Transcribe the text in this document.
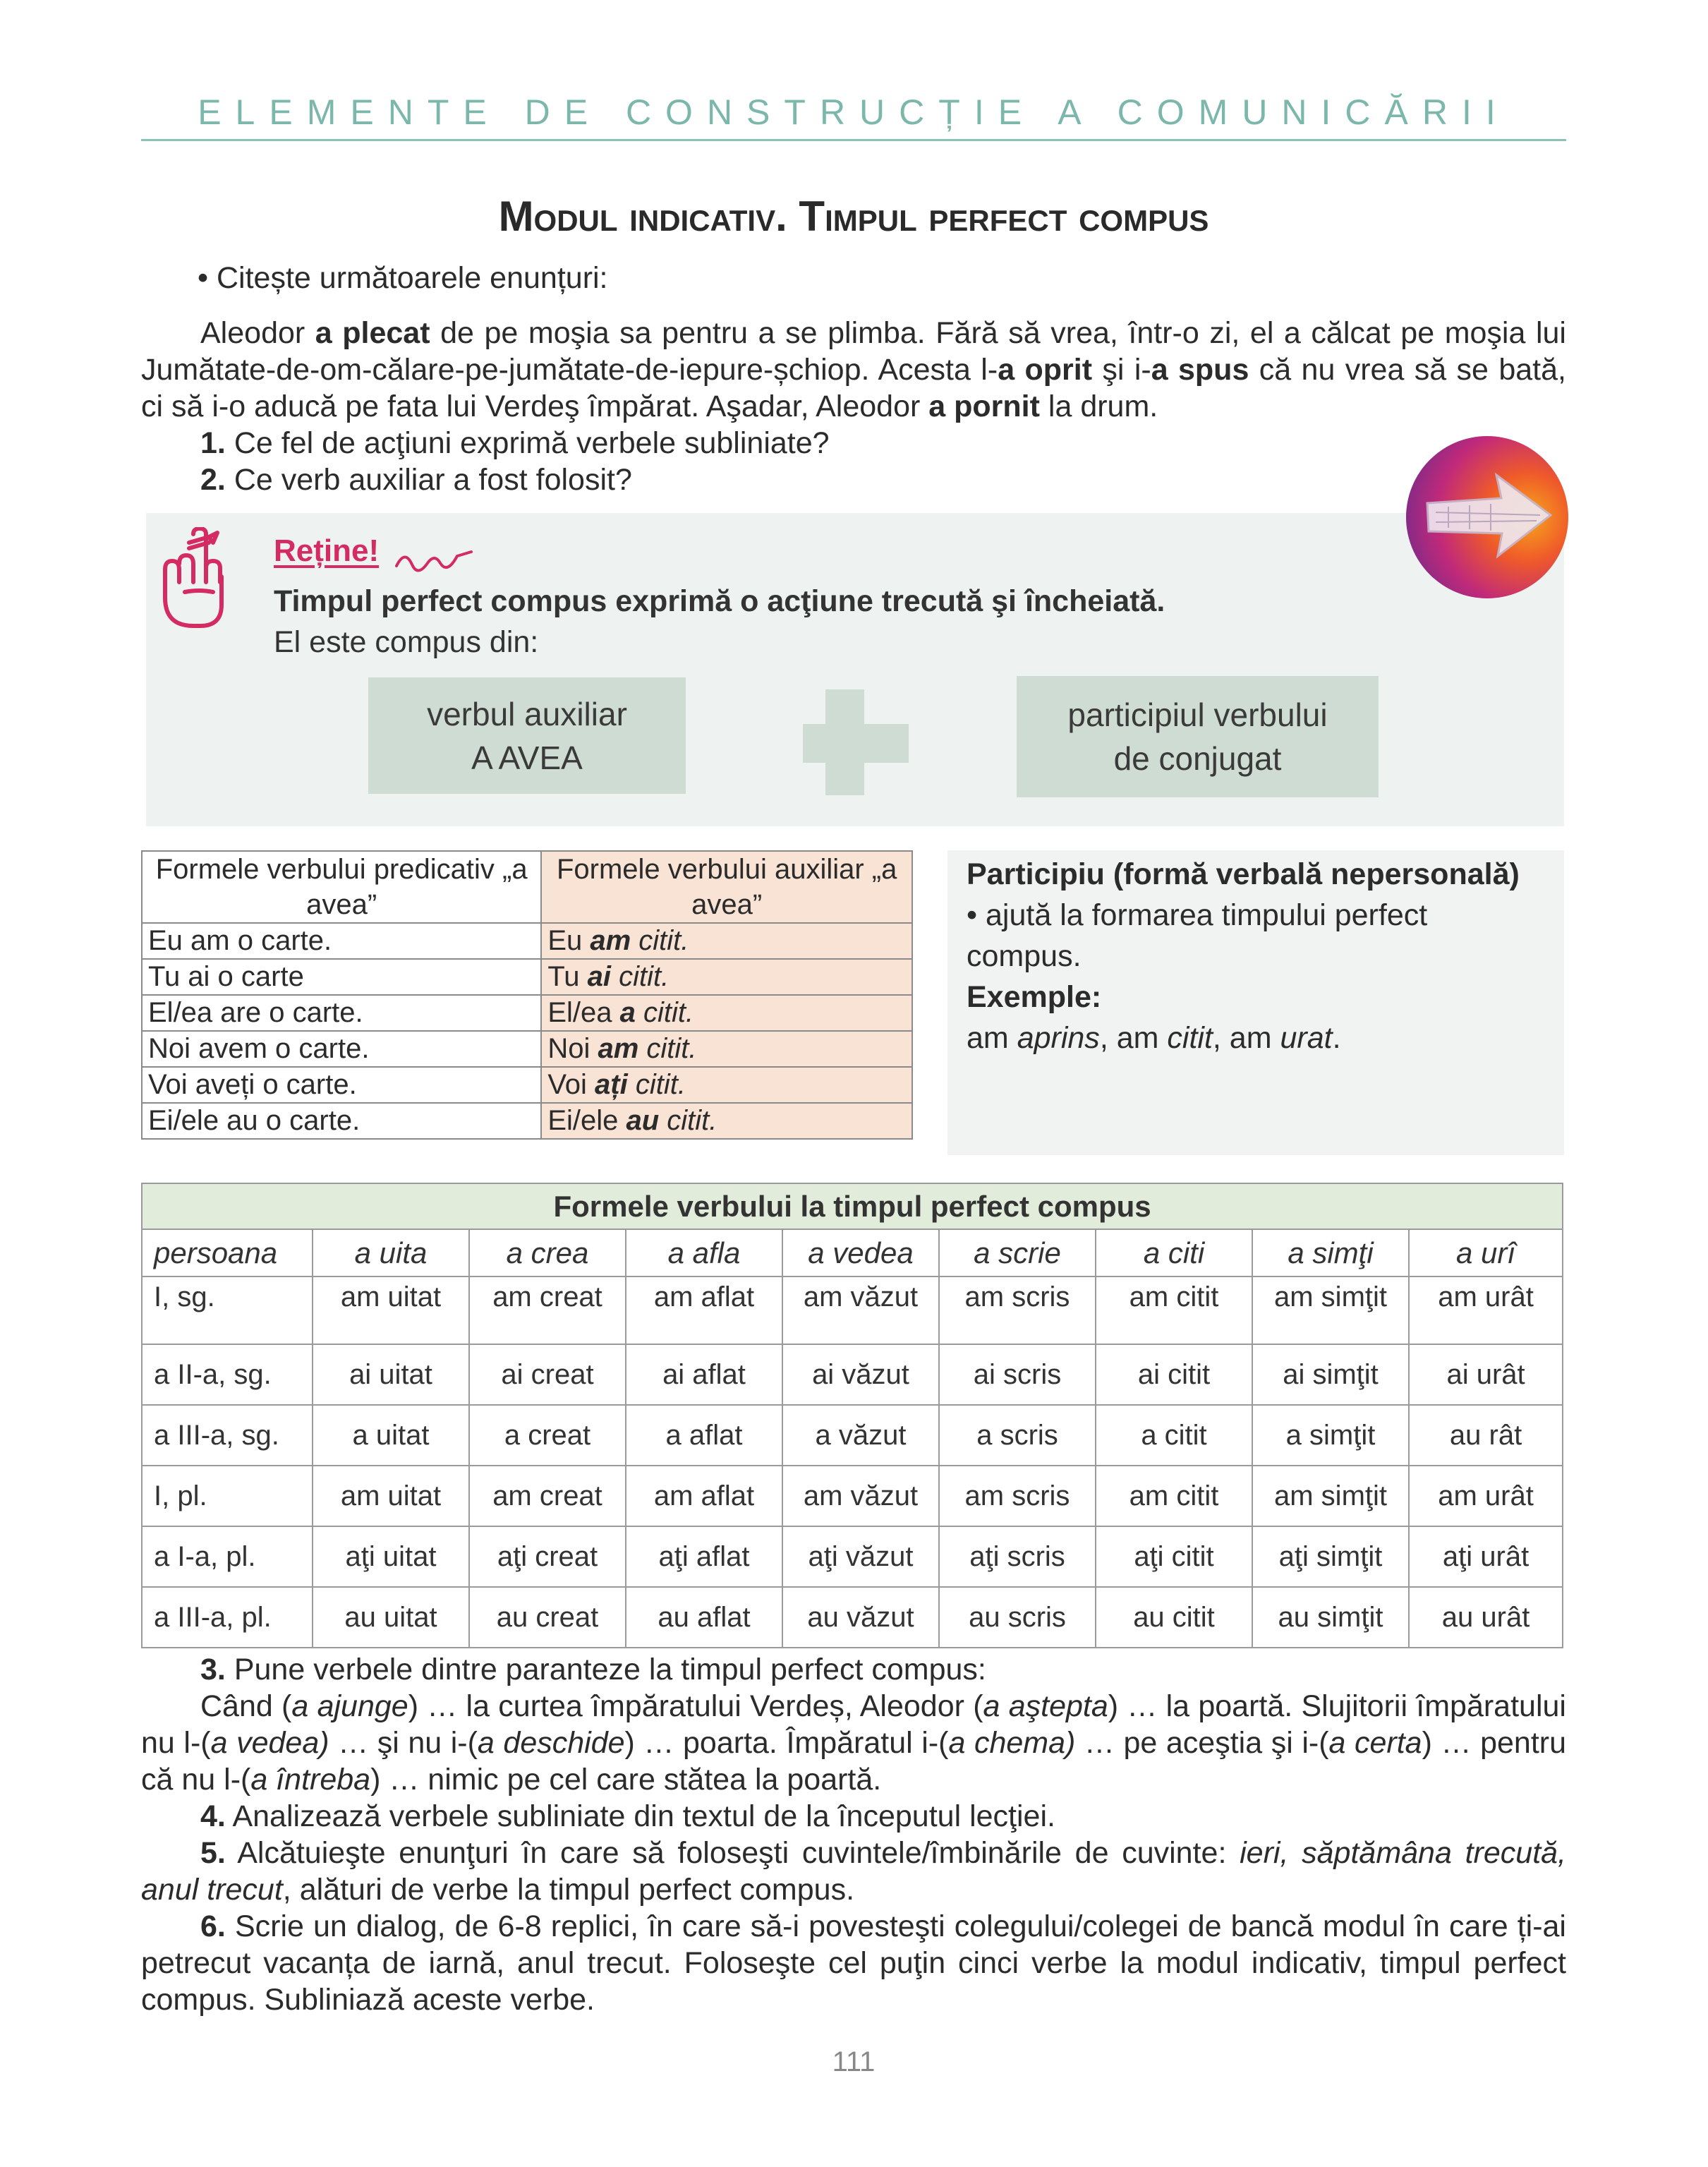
ELEMENTE DE CONSTRUCȚIE A COMUNICĂRII
Modul indicativ. Timpul perfect compus
• Citește următoarele enunțuri:
Aleodor a plecat de pe moşia sa pentru a se plimba. Fără să vrea, într-o zi, el a călcat pe moşia lui Jumătate-de-om-călare-pe-jumătate-de-iepure-șchiop. Acesta l-a oprit şi i-a spus că nu vrea să se bată, ci să i-o aducă pe fata lui Verdeş împărat. Aşadar, Aleodor a pornit la drum.
1. Ce fel de acţiuni exprimă verbele subliniate?
2. Ce verb auxiliar a fost folosit?
Reține!
Timpul perfect compus exprimă o acţiune trecută şi încheiată.
El este compus din:
verbul auxiliar
A AVEA
participiul verbului
de conjugat
Formele verbului predicativ „a avea”	Formele verbului auxiliar „a avea”
Eu am o carte.	Eu am citit.
Tu ai o carte	Tu ai citit.
El/ea are o carte.	El/ea a citit.
Noi avem o carte.	Noi am citit.
Voi aveți o carte.	Voi ați citit.
Ei/ele au o carte.	Ei/ele au citit.
Participiu (formă verbală nepersonală)
• ajută la formarea timpului perfect
compus.
Exemple:
am aprins, am citit, am urat.
Formele verbului la timpul perfect compus								
persoana	a uita	a crea	a afla	a vedea	a scrie	a citi	a simţi	a urî
I, sg.	am uitat	am creat	am aflat	am văzut	am scris	am citit	am simţit	am urât
a II-a, sg.	ai uitat	ai creat	ai aflat	ai văzut	ai scris	ai citit	ai simţit	ai urât
a III-a, sg.	a uitat	a creat	a aflat	a văzut	a scris	a citit	a simţit	au rât
I, pl.	am uitat	am creat	am aflat	am văzut	am scris	am citit	am simţit	am urât
a I-a, pl.	aţi uitat	aţi creat	aţi aflat	aţi văzut	aţi scris	aţi citit	aţi simţit	aţi urât
a III-a, pl.	au uitat	au creat	au aflat	au văzut	au scris	au citit	au simţit	au urât
3. Pune verbele dintre paranteze la timpul perfect compus:
Când (a ajunge) … la curtea împăratului Verdeș, Aleodor (a aştepta) … la poartă. Slujitorii împăratului nu l-(a vedea) … şi nu i-(a deschide) … poarta. Împăratul i-(a chema) … pe aceştia şi i-(a certa) … pentru că nu l-(a întreba) … nimic pe cel care stătea la poartă.
4. Analizează verbele subliniate din textul de la începutul lecţiei.
5. Alcătuieşte enunţuri în care să foloseşti cuvintele/îmbinările de cuvinte: ieri, săptămâna trecută, anul trecut, alături de verbe la timpul perfect compus.
6. Scrie un dialog, de 6-8 replici, în care să-i povesteşti colegului/colegei de bancă modul în care ți-ai petrecut vacanța de iarnă, anul trecut. Foloseşte cel puţin cinci verbe la modul indicativ, timpul perfect compus. Subliniază aceste verbe.
111
